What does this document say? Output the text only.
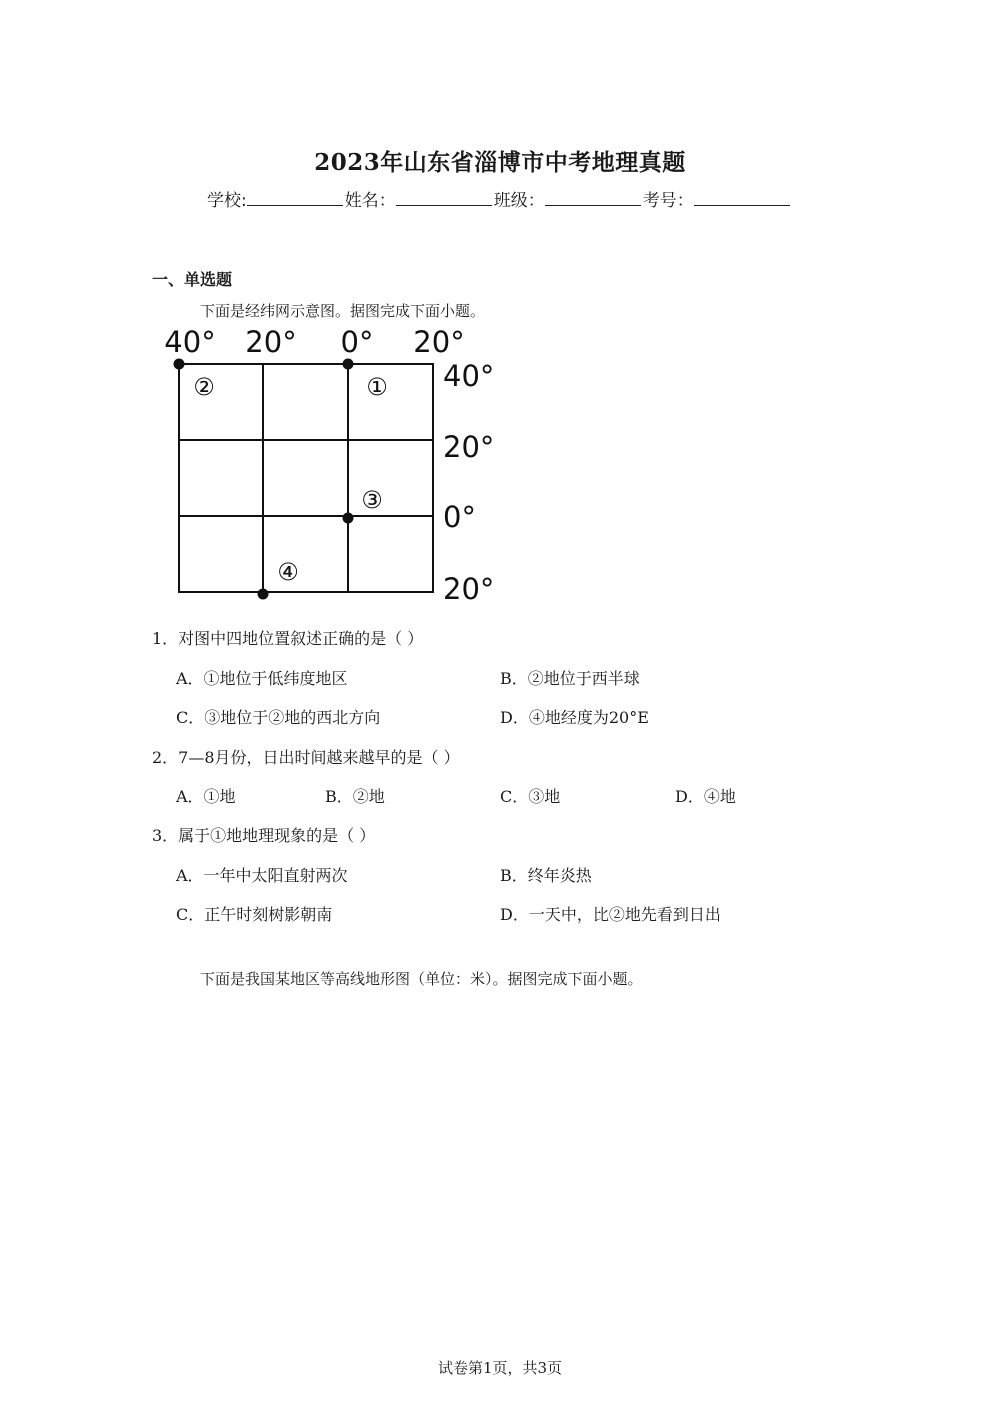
2023年山东省淄博市中考地理真题
学校:	姓名：	班级：	考号：
一、单选题
下面是经纬网示意图。据图完成下面小题。
40° 20° 0° 20°
40°
20°
0°
20°
②	①
③
④
1．对图中四地位置叙述正确的是（ ）
A．①地位于低纬度地区	B．②地位于西半球
C．③地位于②地的西北方向	D．④地经度为20°E
2．7—8月份，日出时间越来越早的是（ ）
A．①地	B．②地	C．③地	D．④地
3．属于①地地理现象的是（ ）
A．一年中太阳直射两次	B．终年炎热
C．正午时刻树影朝南	D．一天中，比②地先看到日出
下面是我国某地区等高线地形图（单位：米）。据图完成下面小题。
试卷第1页，共3页
